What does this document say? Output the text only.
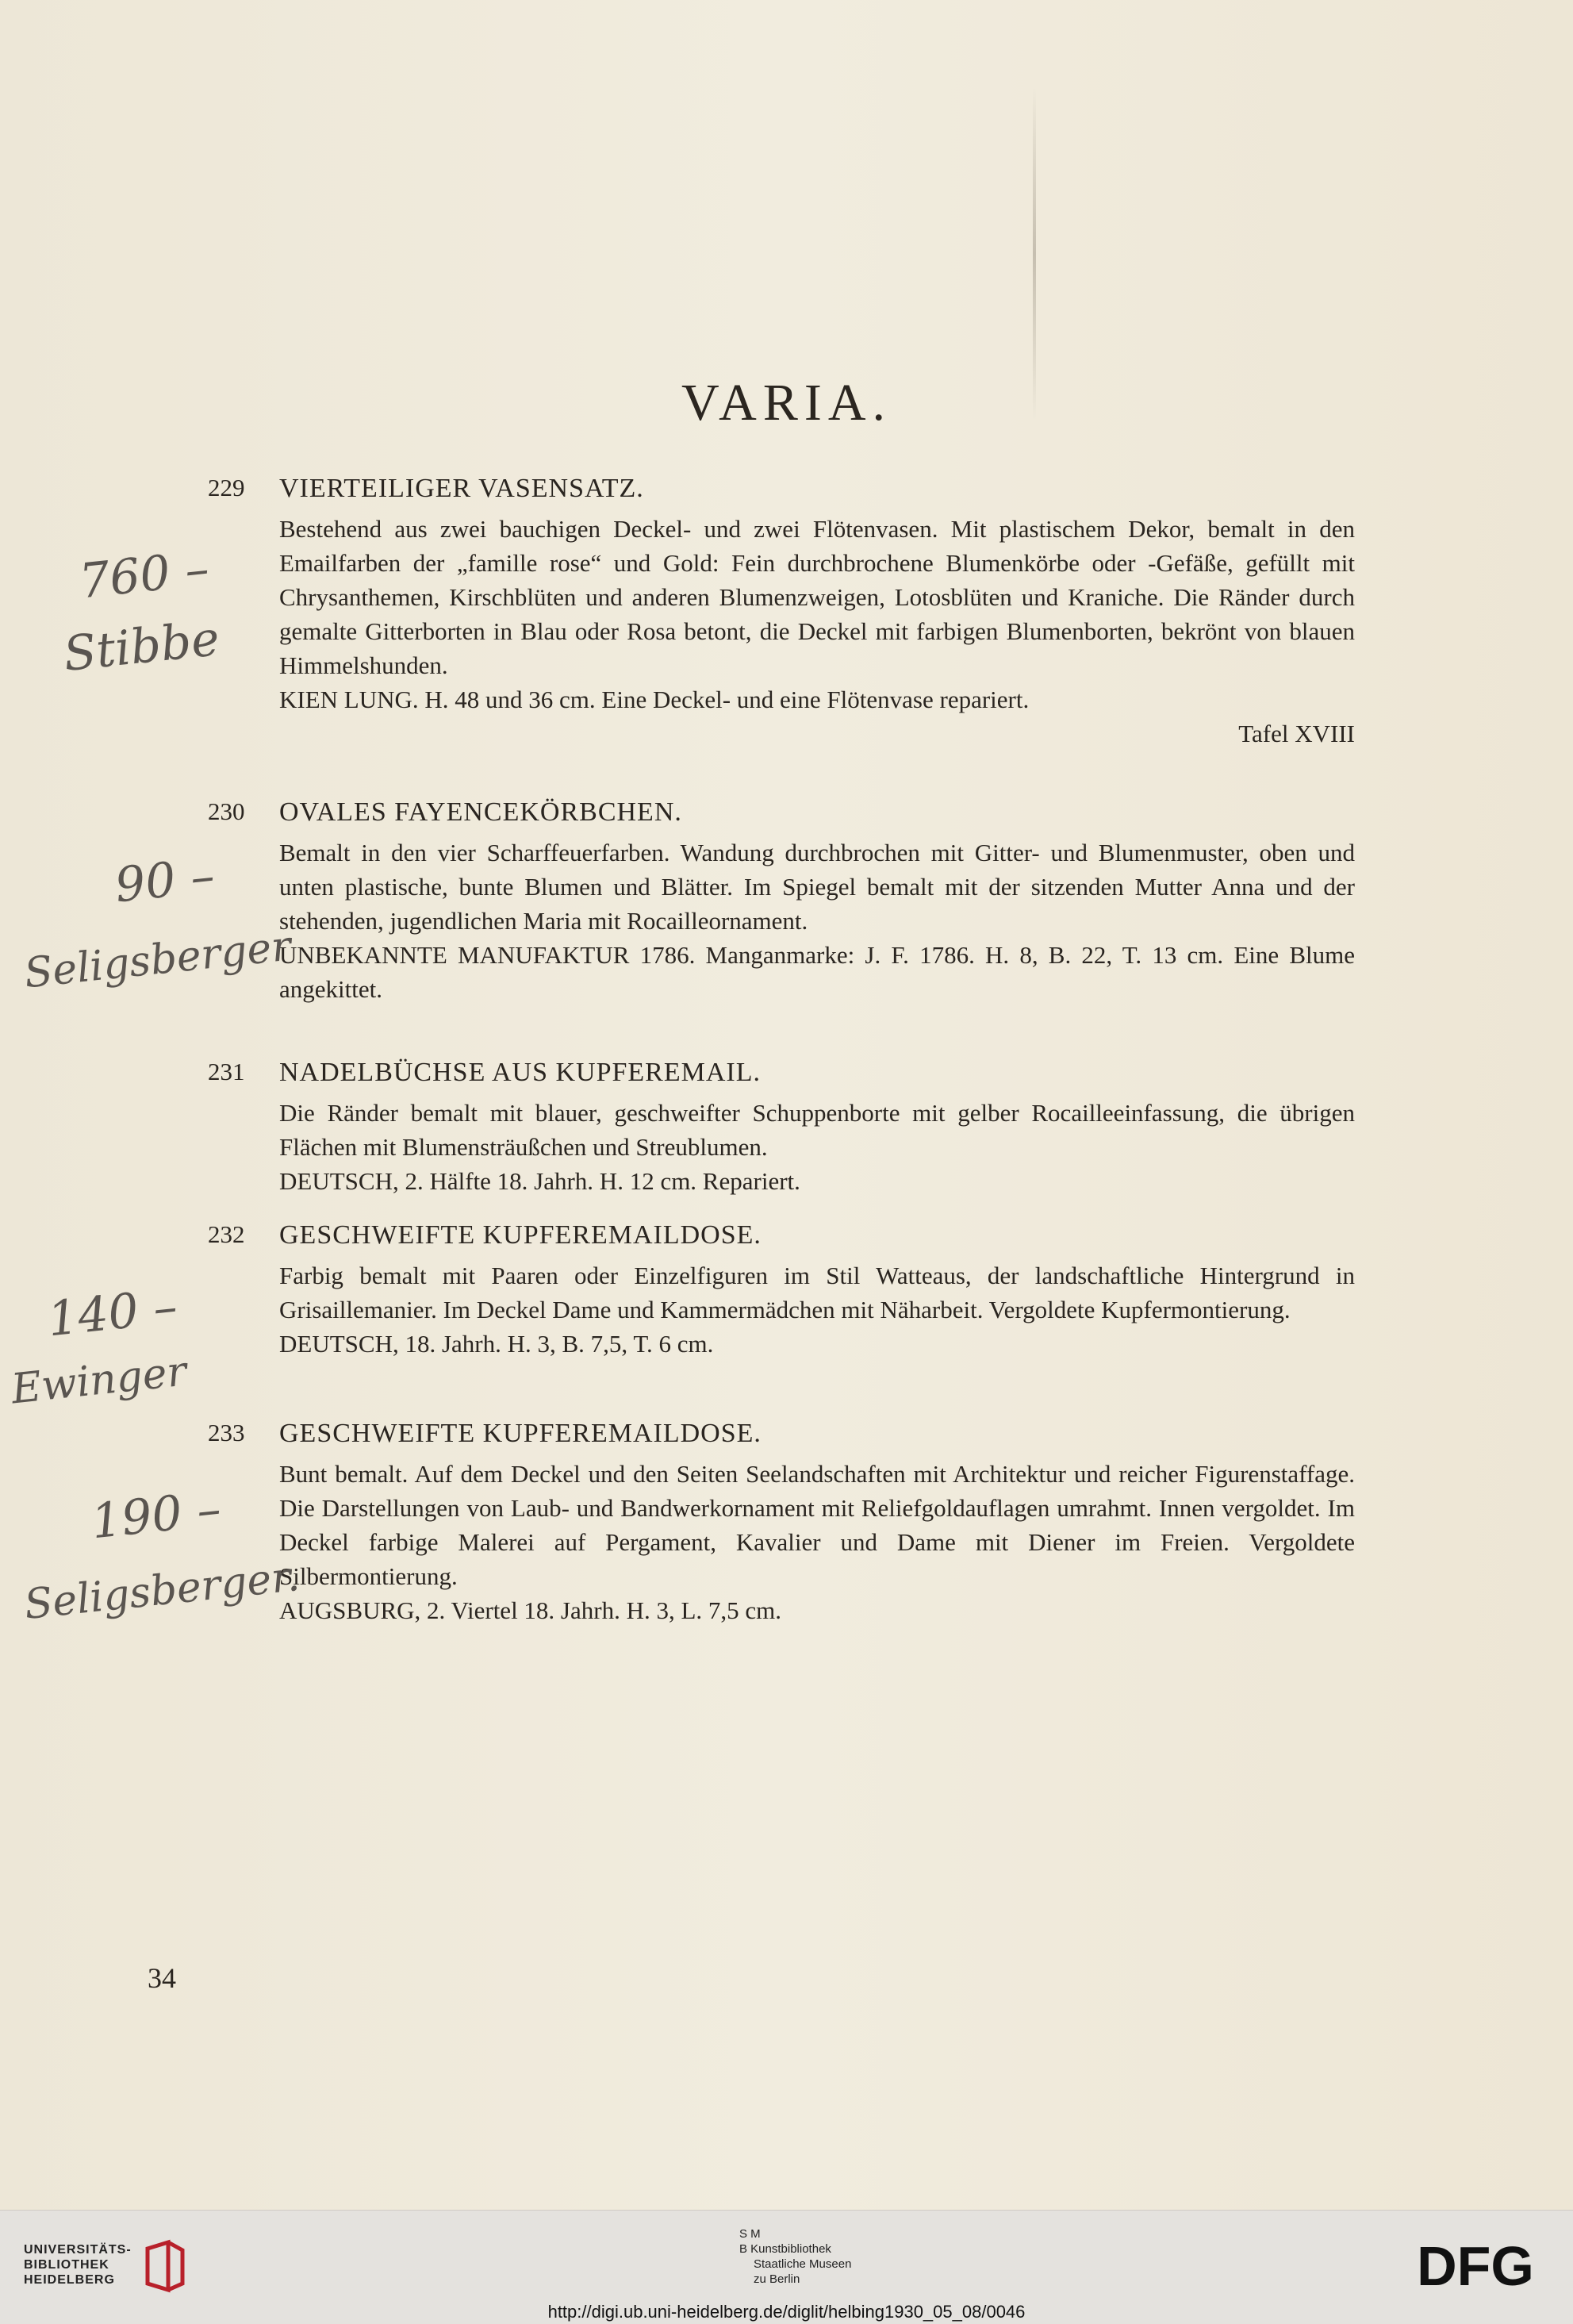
VARIA.
229	VIERTEILIGER VASENSATZ.

Bestehend aus zwei bauchigen Deckel- und zwei Flötenvasen. Mit plastischem Dekor, bemalt in den Emailfarben der „famille rose“ und Gold: Fein durchbrochene Blumenkörbe oder -Gefäße, gefüllt mit Chrysanthemen, Kirschblüten und anderen Blumenzweigen, Lotosblüten und Kraniche. Die Ränder durch gemalte Gitterborten in Blau oder Rosa betont, die Deckel mit farbigen Blumenborten, bekrönt von blauen Himmelshunden.

KIEN LUNG. H. 48 und 36 cm. Eine Deckel- und eine Flötenvase repariert.

Tafel XVIII

230	OVALES FAYENCEKÖRBCHEN.

Bemalt in den vier Scharffeuerfarben. Wandung durchbrochen mit Gitter- und Blumenmuster, oben und unten plastische, bunte Blumen und Blätter. Im Spiegel bemalt mit der sitzenden Mutter Anna und der stehenden, jugendlichen Maria mit Rocailleornament.

UNBEKANNTE MANUFAKTUR 1786. Manganmarke: J. F. 1786. H. 8, B. 22, T. 13 cm. Eine Blume angekittet.

231	NADELBÜCHSE AUS KUPFEREMAIL.

Die Ränder bemalt mit blauer, geschweifter Schuppenborte mit gelber Rocailleeinfassung, die übrigen Flächen mit Blumensträußchen und Streublumen.

DEUTSCH, 2. Hälfte 18. Jahrh. H. 12 cm. Repariert.

232	GESCHWEIFTE KUPFEREMAILDOSE.

Farbig bemalt mit Paaren oder Einzelfiguren im Stil Watteaus, der landschaftliche Hintergrund in Grisaillemanier. Im Deckel Dame und Kammermädchen mit Näharbeit. Vergoldete Kupfermontierung.

DEUTSCH, 18. Jahrh. H. 3, B. 7,5, T. 6 cm.

233	GESCHWEIFTE KUPFEREMAILDOSE.

Bunt bemalt. Auf dem Deckel und den Seiten Seelandschaften mit Architektur und reicher Figurenstaffage. Die Darstellungen von Laub- und Bandwerkornament mit Reliefgoldauflagen umrahmt. Innen vergoldet. Im Deckel farbige Malerei auf Pergament, Kavalier und Dame mit Diener im Freien. Vergoldete Silbermontierung.

AUGSBURG, 2. Viertel 18. Jahrh. H. 3, L. 7,5 cm.

760 –
Stibbe
90 –
Seligsberger
140 –
Ewinger
190 –
Seligsberger.
34
UNIVERSITÄTS-
BIBLIOTHEK
HEIDELBERG
S M
B Kunstbibliothek
Staatliche Museen
zu Berlin	DFG
http://digi.ub.uni-heidelberg.de/diglit/helbing1930_05_08/0046
